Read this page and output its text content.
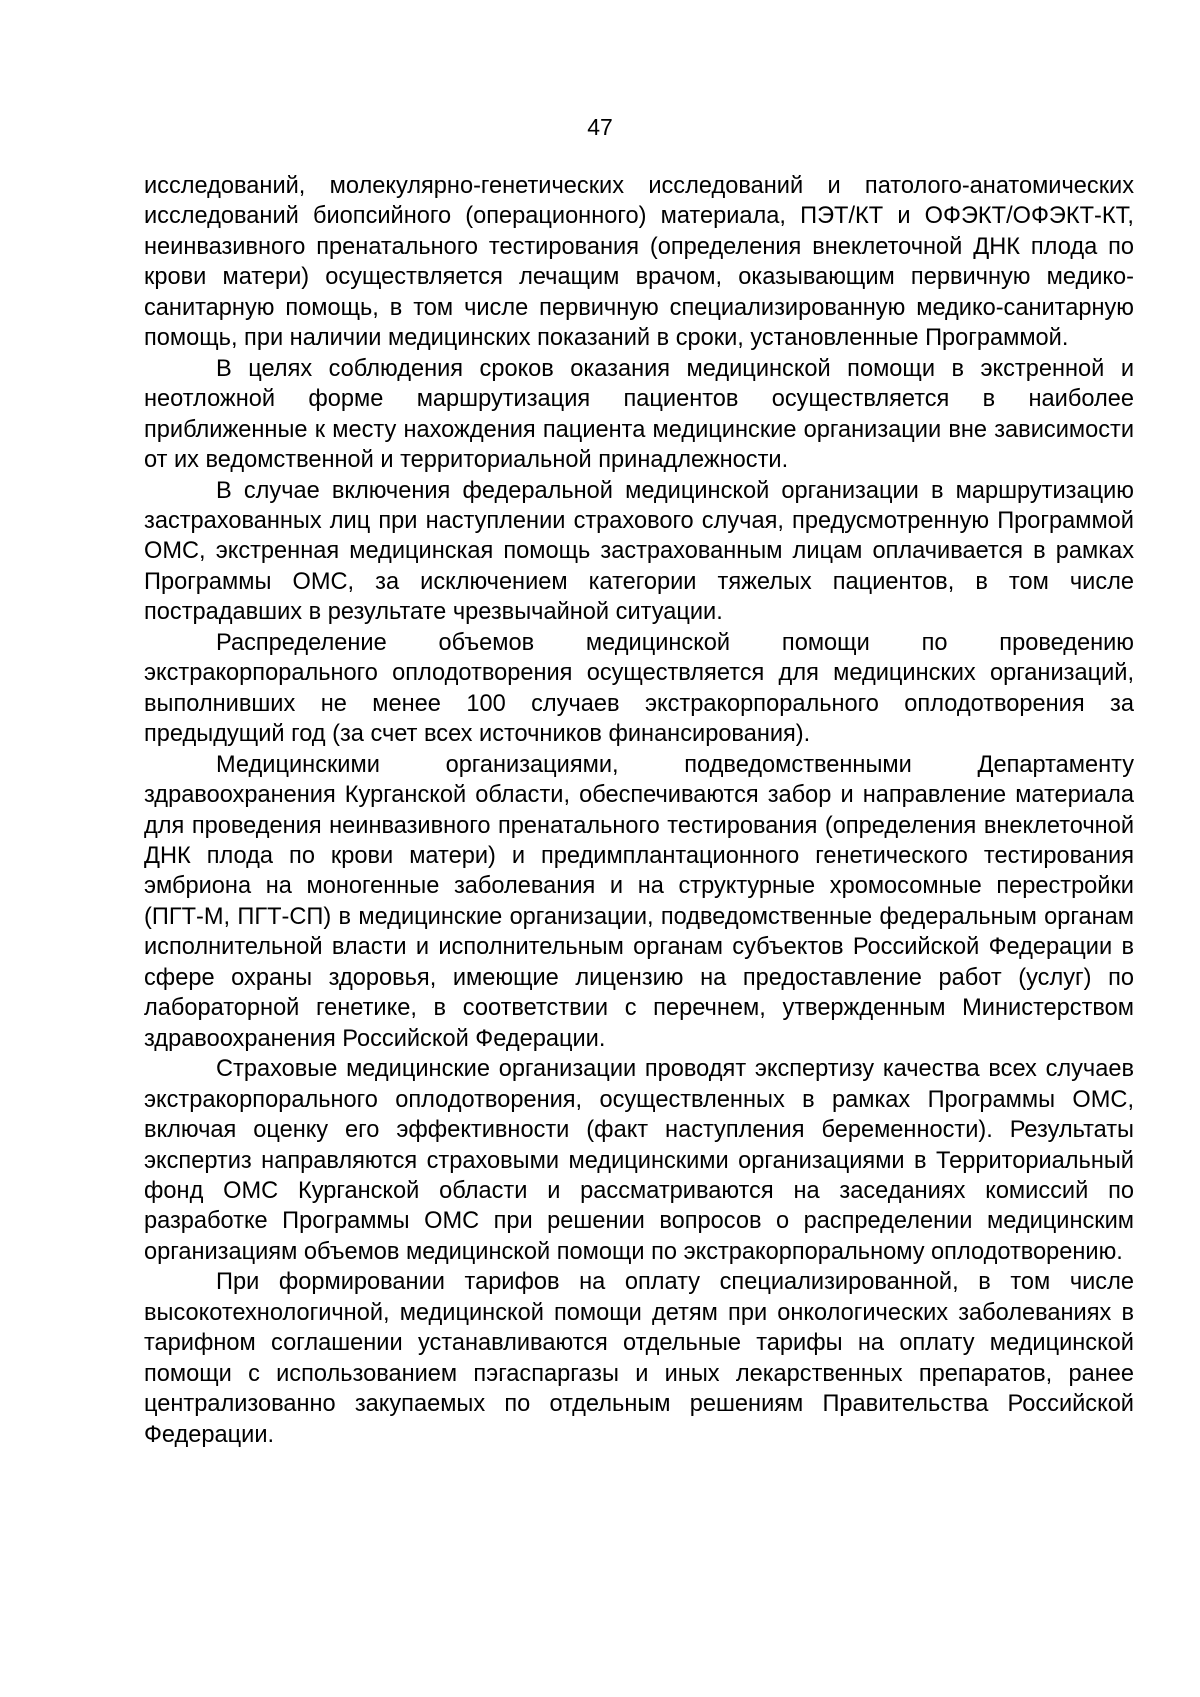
47

исследований, молекулярно-генетических исследований и патолого-анатомических исследований биопсийного (операционного) материала, ПЭТ/КТ и ОФЭКТ/ОФЭКТ-КТ, неинвазивного пренатального тестирования (определения внеклеточной ДНК плода по крови матери) осуществляется лечащим врачом, оказывающим первичную медико-санитарную помощь, в том числе первичную специализированную медико-санитарную помощь, при наличии медицинских показаний в сроки, установленные Программой.

В целях соблюдения сроков оказания медицинской помощи в экстренной и неотложной форме маршрутизация пациентов осуществляется в наиболее приближенные к месту нахождения пациента медицинские организации вне зависимости от их ведомственной и территориальной принадлежности.

В случае включения федеральной медицинской организации в маршрутизацию застрахованных лиц при наступлении страхового случая, предусмотренную Программой ОМС, экстренная медицинская помощь застрахованным лицам оплачивается в рамках Программы ОМС, за исключением категории тяжелых пациентов, в том числе пострадавших в результате чрезвычайной ситуации.

Распределение объемов медицинской помощи по проведению экстракорпорального оплодотворения осуществляется для медицинских организаций, выполнивших не менее 100 случаев экстракорпорального оплодотворения за предыдущий год (за счет всех источников финансирования).

Медицинскими организациями, подведомственными Департаменту здравоохранения Курганской области, обеспечиваются забор и направление материала для проведения неинвазивного пренатального тестирования (определения внеклеточной ДНК плода по крови матери) и предимплантационного генетического тестирования эмбриона на моногенные заболевания и на структурные хромосомные перестройки (ПГТ-М, ПГТ-СП) в медицинские организации, подведомственные федеральным органам исполнительной власти и исполнительным органам субъектов Российской Федерации в сфере охраны здоровья, имеющие лицензию на предоставление работ (услуг) по лабораторной генетике, в соответствии с перечнем, утвержденным Министерством здравоохранения Российской Федерации.

Страховые медицинские организации проводят экспертизу качества всех случаев экстракорпорального оплодотворения, осуществленных в рамках Программы ОМС, включая оценку его эффективности (факт наступления беременности). Результаты экспертиз направляются страховыми медицинскими организациями в Территориальный фонд ОМС Курганской области и рассматриваются на заседаниях комиссий по разработке Программы ОМС при решении вопросов о распределении медицинским организациям объемов медицинской помощи по экстракорпоральному оплодотворению.

При формировании тарифов на оплату специализированной, в том числе высокотехнологичной, медицинской помощи детям при онкологических заболеваниях в тарифном соглашении устанавливаются отдельные тарифы на оплату медицинской помощи с использованием пэгаспаргазы и иных лекарственных препаратов, ранее централизованно закупаемых по отдельным решениям Правительства Российской Федерации.
